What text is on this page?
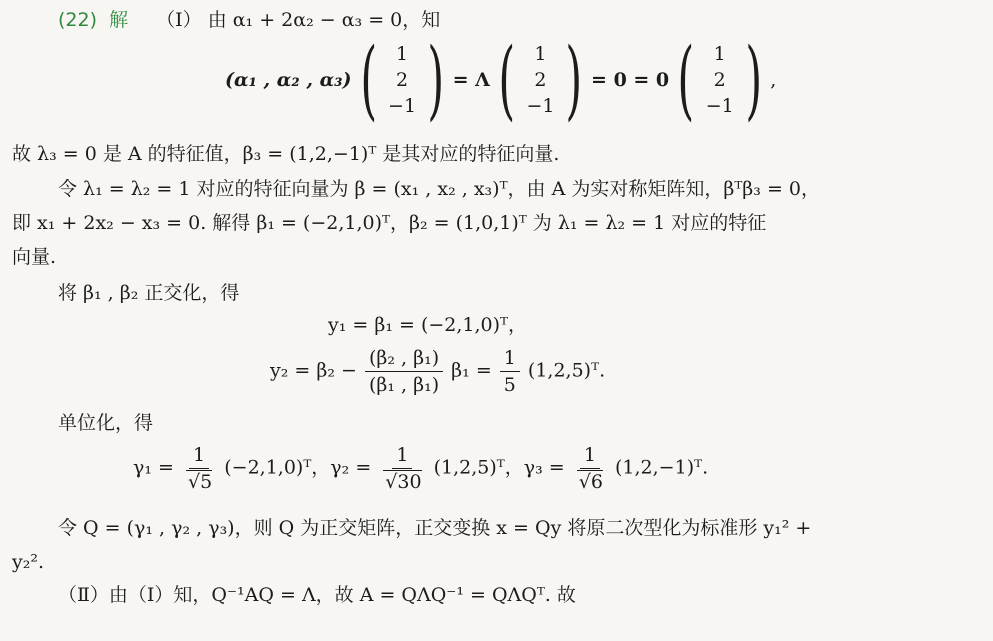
(22) 解 （Ⅰ） 由 α₁ + 2α₂ − α₃ = 0，知
(α₁ , α₂ , α₃) ( 1
2
−1 ) = Λ ( 1
2
−1 ) = 0 = 0 ( 1
2
−1 ) ,
故 λ₃ = 0 是 A 的特征值，β₃ = (1,2,−1)ᵀ 是其对应的特征向量.
令 λ₁ = λ₂ = 1 对应的特征向量为 β = (x₁ , x₂ , x₃)ᵀ，由 A 为实对称矩阵知，βᵀβ₃ = 0，
即 x₁ + 2x₂ − x₃ = 0. 解得 β₁ = (−2,1,0)ᵀ，β₂ = (1,0,1)ᵀ 为 λ₁ = λ₂ = 1 对应的特征
向量.
将 β₁ , β₂ 正交化，得
y₁ = β₁ = (−2,1,0)ᵀ，
$y_2 = \beta_2 - \frac{\text{(β₂ , β₁)}}{\text{(β₁ , β₁)}} \beta_1 = \frac{1}{5}$ (1,2,5)ᵀ.
单位化，得
$\gamma_1 = \frac{1}{√5}$ (−2,1,0)ᵀ，$\gamma_2 = \frac{1}{√30}$ (1,2,5)ᵀ，$\gamma_3 = \frac{1}{√6}$ (1,2,−1)ᵀ.
令 Q = (γ₁ , γ₂ , γ₃)，则 Q 为正交矩阵，正交变换 x = Qy 将原二次型化为标准形 y₁² +
y₂².
（Ⅱ）由（Ⅰ）知，Q⁻¹AQ = Λ，故 A = QΛQ⁻¹ = QΛQᵀ. 故
